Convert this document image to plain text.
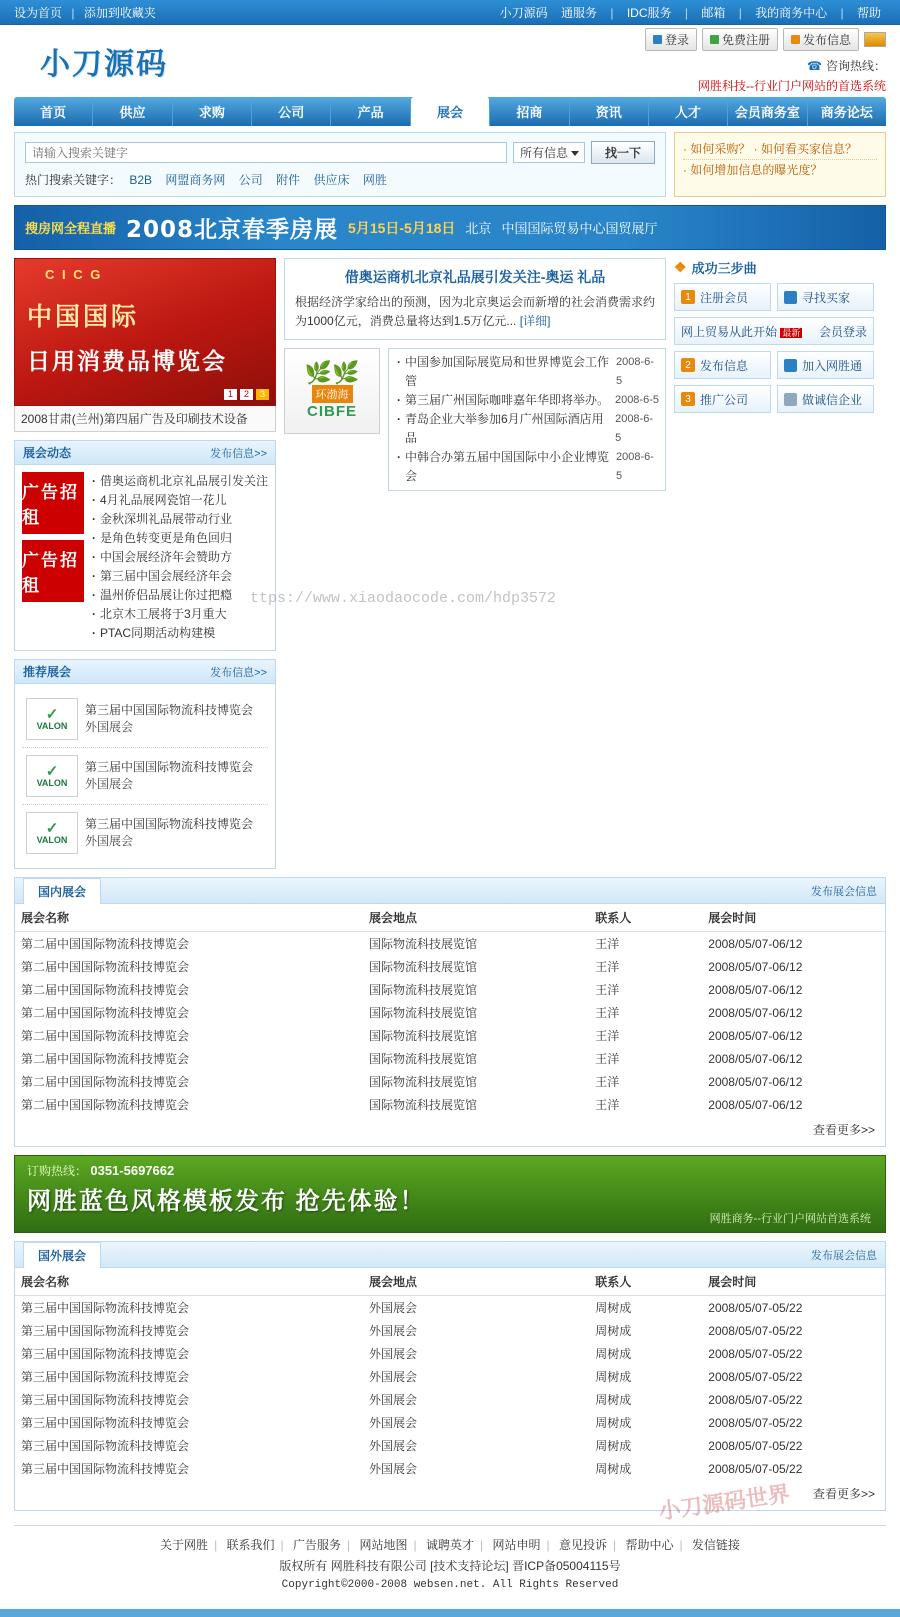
设为首页 | 添加到收藏夹	小刀源码 通服务 | IDC服务 | 邮箱 | 我的商务中心 | 帮助
小刀源码
登录	免费注册	发布信息
☎ 咨询热线：
网胜科技--行业门户网站的首选系统
首页	供应	求购	公司	产品	展会	招商	资讯	人才	会员商务室	商务论坛
请输入搜索关键字
所有信息	找一下
热门搜索关键字： B2B 网盟商务网 公司 附件 供应床 网胜
· 如何采购？ · 如何看买家信息？
· 如何增加信息的曝光度？
搜房网全程直播 2008北京春季房展 5月15日-5月18日 北京 中国国际贸易中心国贸展厅
C I C G
中国国际
日用消费品博览会
1	2	3
2008甘肃(兰州)第四届广告及印刷技术设备
展会动态	发布信息>>
广告招租
广告招租
· 借奥运商机北京礼品展引发关注
· 4月礼品展网瓷馆一花儿
· 金秋深圳礼品展带动行业
· 是角色转变更是角色回归
· 中国会展经济年会赞助方
· 第三届中国会展经济年会
· 温州侨侣品展让你过把瘾
· 北京木工展将于3月重大
· PTAC同期活动构建模
推荐展会	发布信息>>
✓
VALON
第三届中国国际物流科技博览会
外国展会
✓
VALON
第三届中国国际物流科技博览会
外国展会
✓
VALON
第三届中国国际物流科技博览会
外国展会
借奥运商机北京礼品展引发关注-奥运 礼品

根据经济学家给出的预测，因为北京奥运会而新增的社会消费需求约为1000亿元，消费总量将达到1.5万亿元... [详细]

🌿🌿
环渤海
CIBFE
· 中国参加国际展览局和世界博览会工作管
2008-6-5
· 第三届广州国际咖啡嘉年华即将举办。 2008-6-5
· 青岛企业大举参加6月广州国际酒店用品
2008-6-5
· 中韩合办第五届中国国际中小企业博览会
2008-6-5
❖ 成功三步曲
1 注册会员	寻找买家
网上贸易从此开始 最新 会员登录
2 发布信息	加入网胜通
3 推广公司	做诚信企业
国内展会	发布展会信息
展会名称	展会地点	联系人	展会时间
第二届中国国际物流科技博览会	国际物流科技展览馆	王洋	2008/05/07-06/12
第二届中国国际物流科技博览会	国际物流科技展览馆	王洋	2008/05/07-06/12
第二届中国国际物流科技博览会	国际物流科技展览馆	王洋	2008/05/07-06/12
第二届中国国际物流科技博览会	国际物流科技展览馆	王洋	2008/05/07-06/12
第二届中国国际物流科技博览会	国际物流科技展览馆	王洋	2008/05/07-06/12
第二届中国国际物流科技博览会	国际物流科技展览馆	王洋	2008/05/07-06/12
第二届中国国际物流科技博览会	国际物流科技展览馆	王洋	2008/05/07-06/12
第二届中国国际物流科技博览会	国际物流科技展览馆	王洋	2008/05/07-06/12
查看更多>>
订购热线： 0351-5697662
网胜蓝色风格模板发布 抢先体验！
网胜商务--行业门户网站首选系统
国外展会	发布展会信息
展会名称	展会地点	联系人	展会时间
第三届中国国际物流科技博览会	外国展会	周树成	2008/05/07-05/22
第三届中国国际物流科技博览会	外国展会	周树成	2008/05/07-05/22
第三届中国国际物流科技博览会	外国展会	周树成	2008/05/07-05/22
第三届中国国际物流科技博览会	外国展会	周树成	2008/05/07-05/22
第三届中国国际物流科技博览会	外国展会	周树成	2008/05/07-05/22
第三届中国国际物流科技博览会	外国展会	周树成	2008/05/07-05/22
第三届中国国际物流科技博览会	外国展会	周树成	2008/05/07-05/22
第三届中国国际物流科技博览会	外国展会	周树成	2008/05/07-05/22
查看更多>>
关于网胜 | 联系我们 | 广告服务 | 网站地图 | 诚聘英才 | 网站申明 | 意见投诉 | 帮助中心 | 发信链接
版权所有 网胜科技有限公司 [技术支持论坛] 晋ICP备05004115号
Copyright©2000-2008 websen.net. All Rights Reserved
ttps://www.xiaodaocode.com/hdp3572
小刀源码世界
